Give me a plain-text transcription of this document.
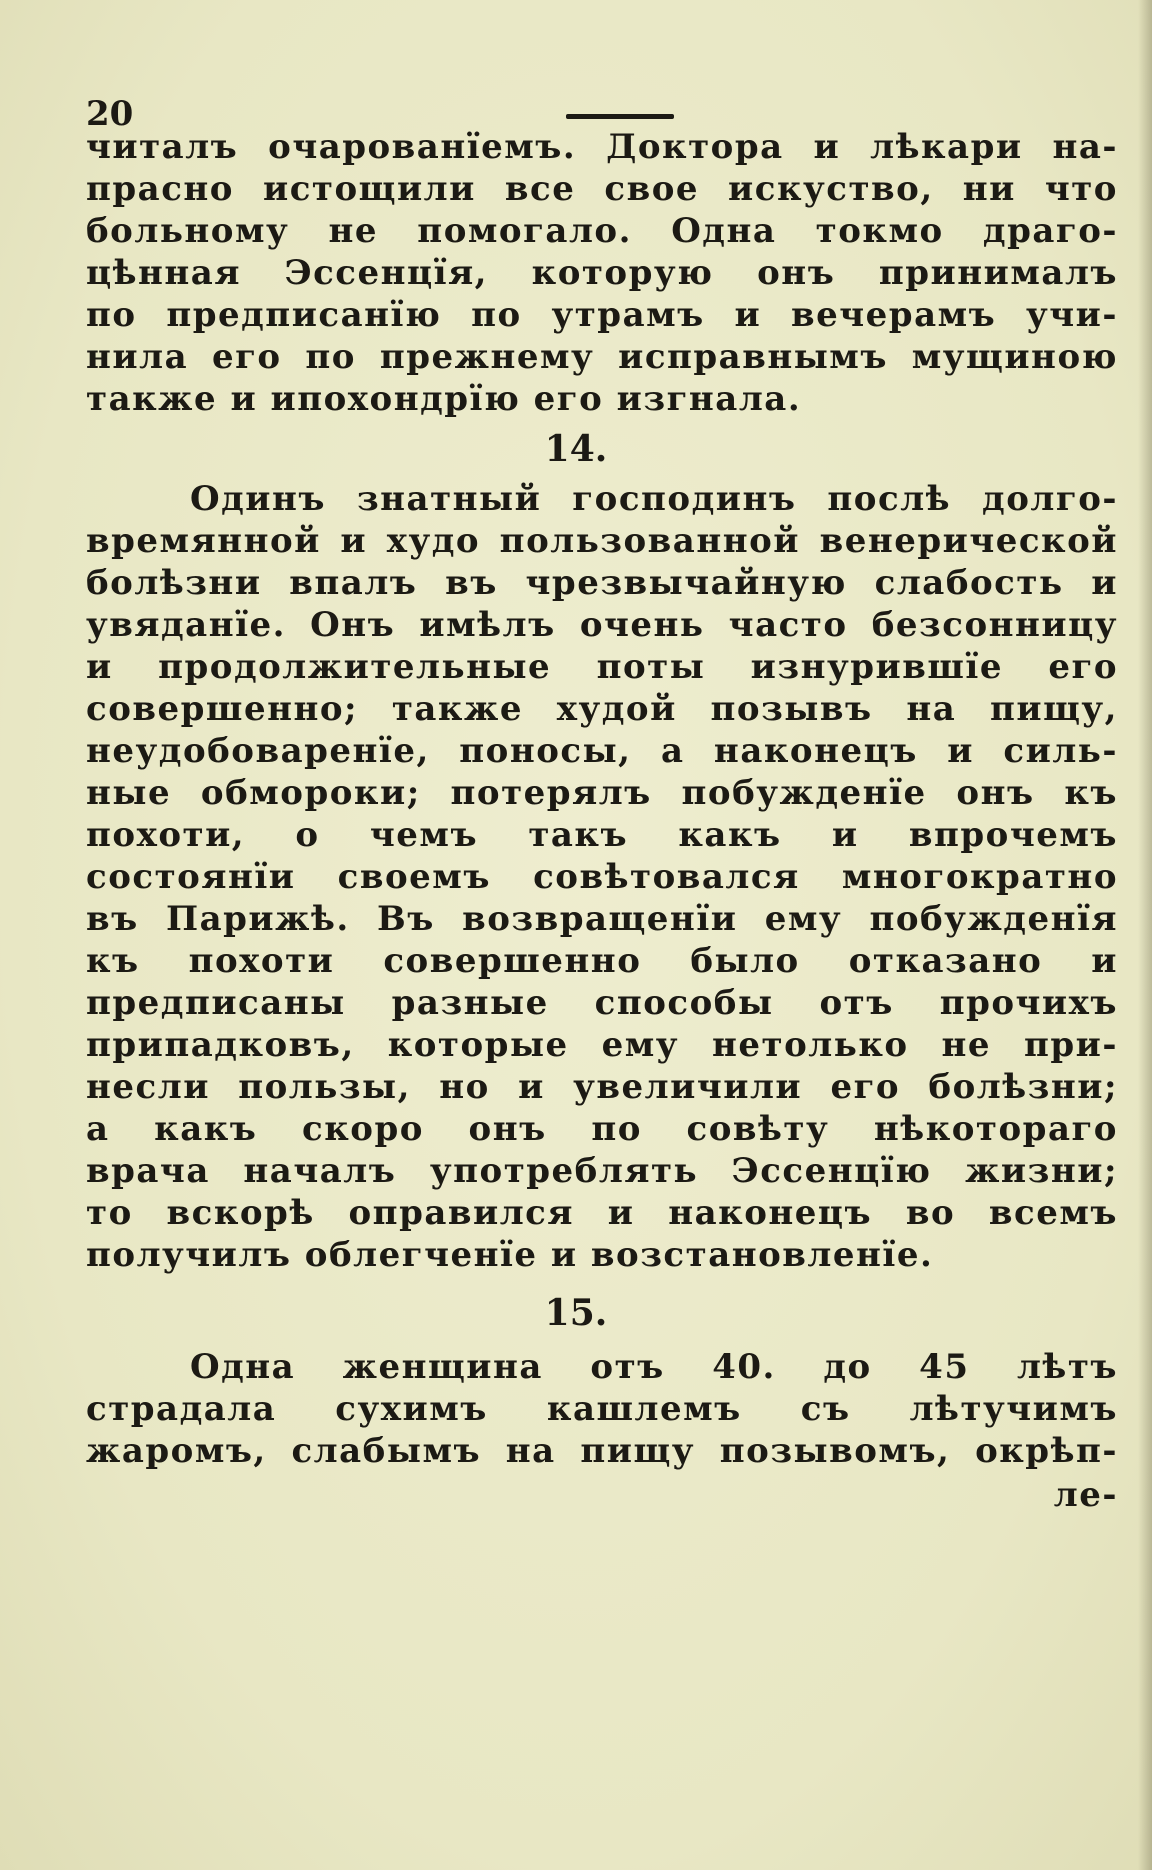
20
читалъ очарованïемъ. Доктора и лѣкари на-
прасно истощили все свое искуство, ни что
больному не помогало. Одна токмо драго-
цѣнная Эссенцïя, которую онъ принималъ
по предписанïю по утрамъ и вечерамъ учи-
нила его по прежнему исправнымъ мущиною
также и ипохондрïю его изгнала.
14.
Одинъ знатный господинъ послѣ долго-
времянной и худо пользованной венерической
болѣзни впалъ въ чрезвычайную слабость и
увяданïе. Онъ имѣлъ очень часто безсонницу
и продолжительные поты изнурившïе его
совершенно; также худой позывъ на пищу,
неудобоваренïе, поносы, а наконецъ и силь-
ные обмороки; потерялъ побужденïе онъ къ
похоти, о чемъ такъ какъ и впрочемъ
состоянïи своемъ совѣтовался многократно
въ Парижѣ. Въ возвращенïи ему побужденïя
къ похоти совершенно было отказано и
предписаны разные способы отъ прочихъ
припадковъ, которые ему нетолько не при-
несли пользы, но и увеличили его болѣзни;
а какъ скоро онъ по совѣту нѣкотораго
врача началъ употреблять Эссенцïю жизни;
то вскорѣ оправился и наконецъ во всемъ
получилъ облегченïе и возстановленïе.
15.
Одна женщина отъ 40. до 45 лѣтъ
страдала сухимъ кашлемъ съ лѣтучимъ
жаромъ, слабымъ на пищу позывомъ, окрѣп-
ле-
